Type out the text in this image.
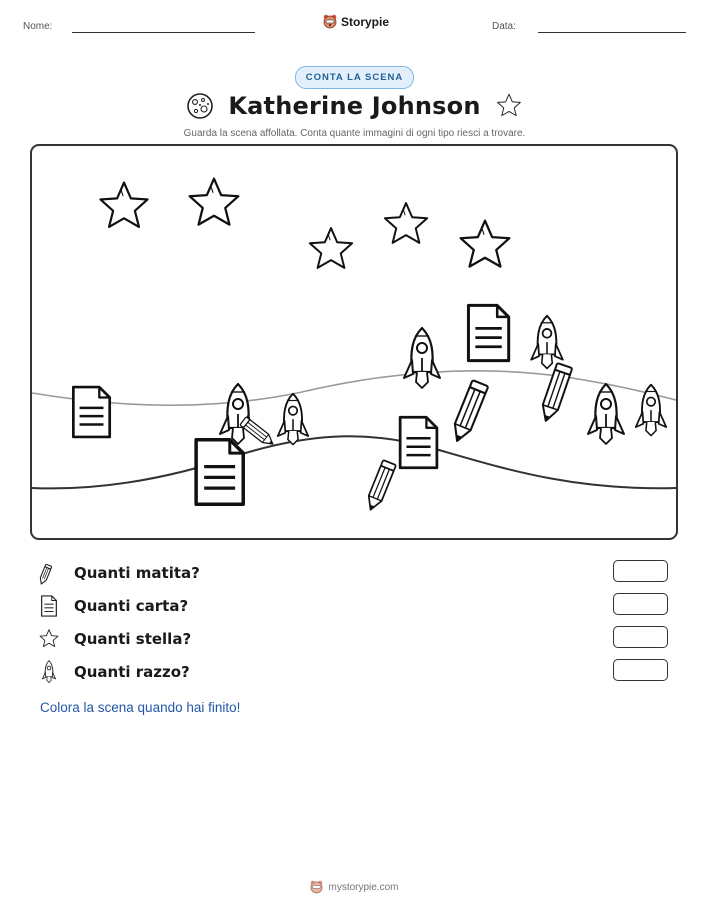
Nome:	Storypie	Data:
CONTA LA SCENA
Katherine Johnson
Guarda la scena affollata. Conta quante immagini di ogni tipo riesci a trovare.
Quanti matita?
Quanti carta?
Quanti stella?
Quanti razzo?
Colora la scena quando hai finito!
mystorypie.com
